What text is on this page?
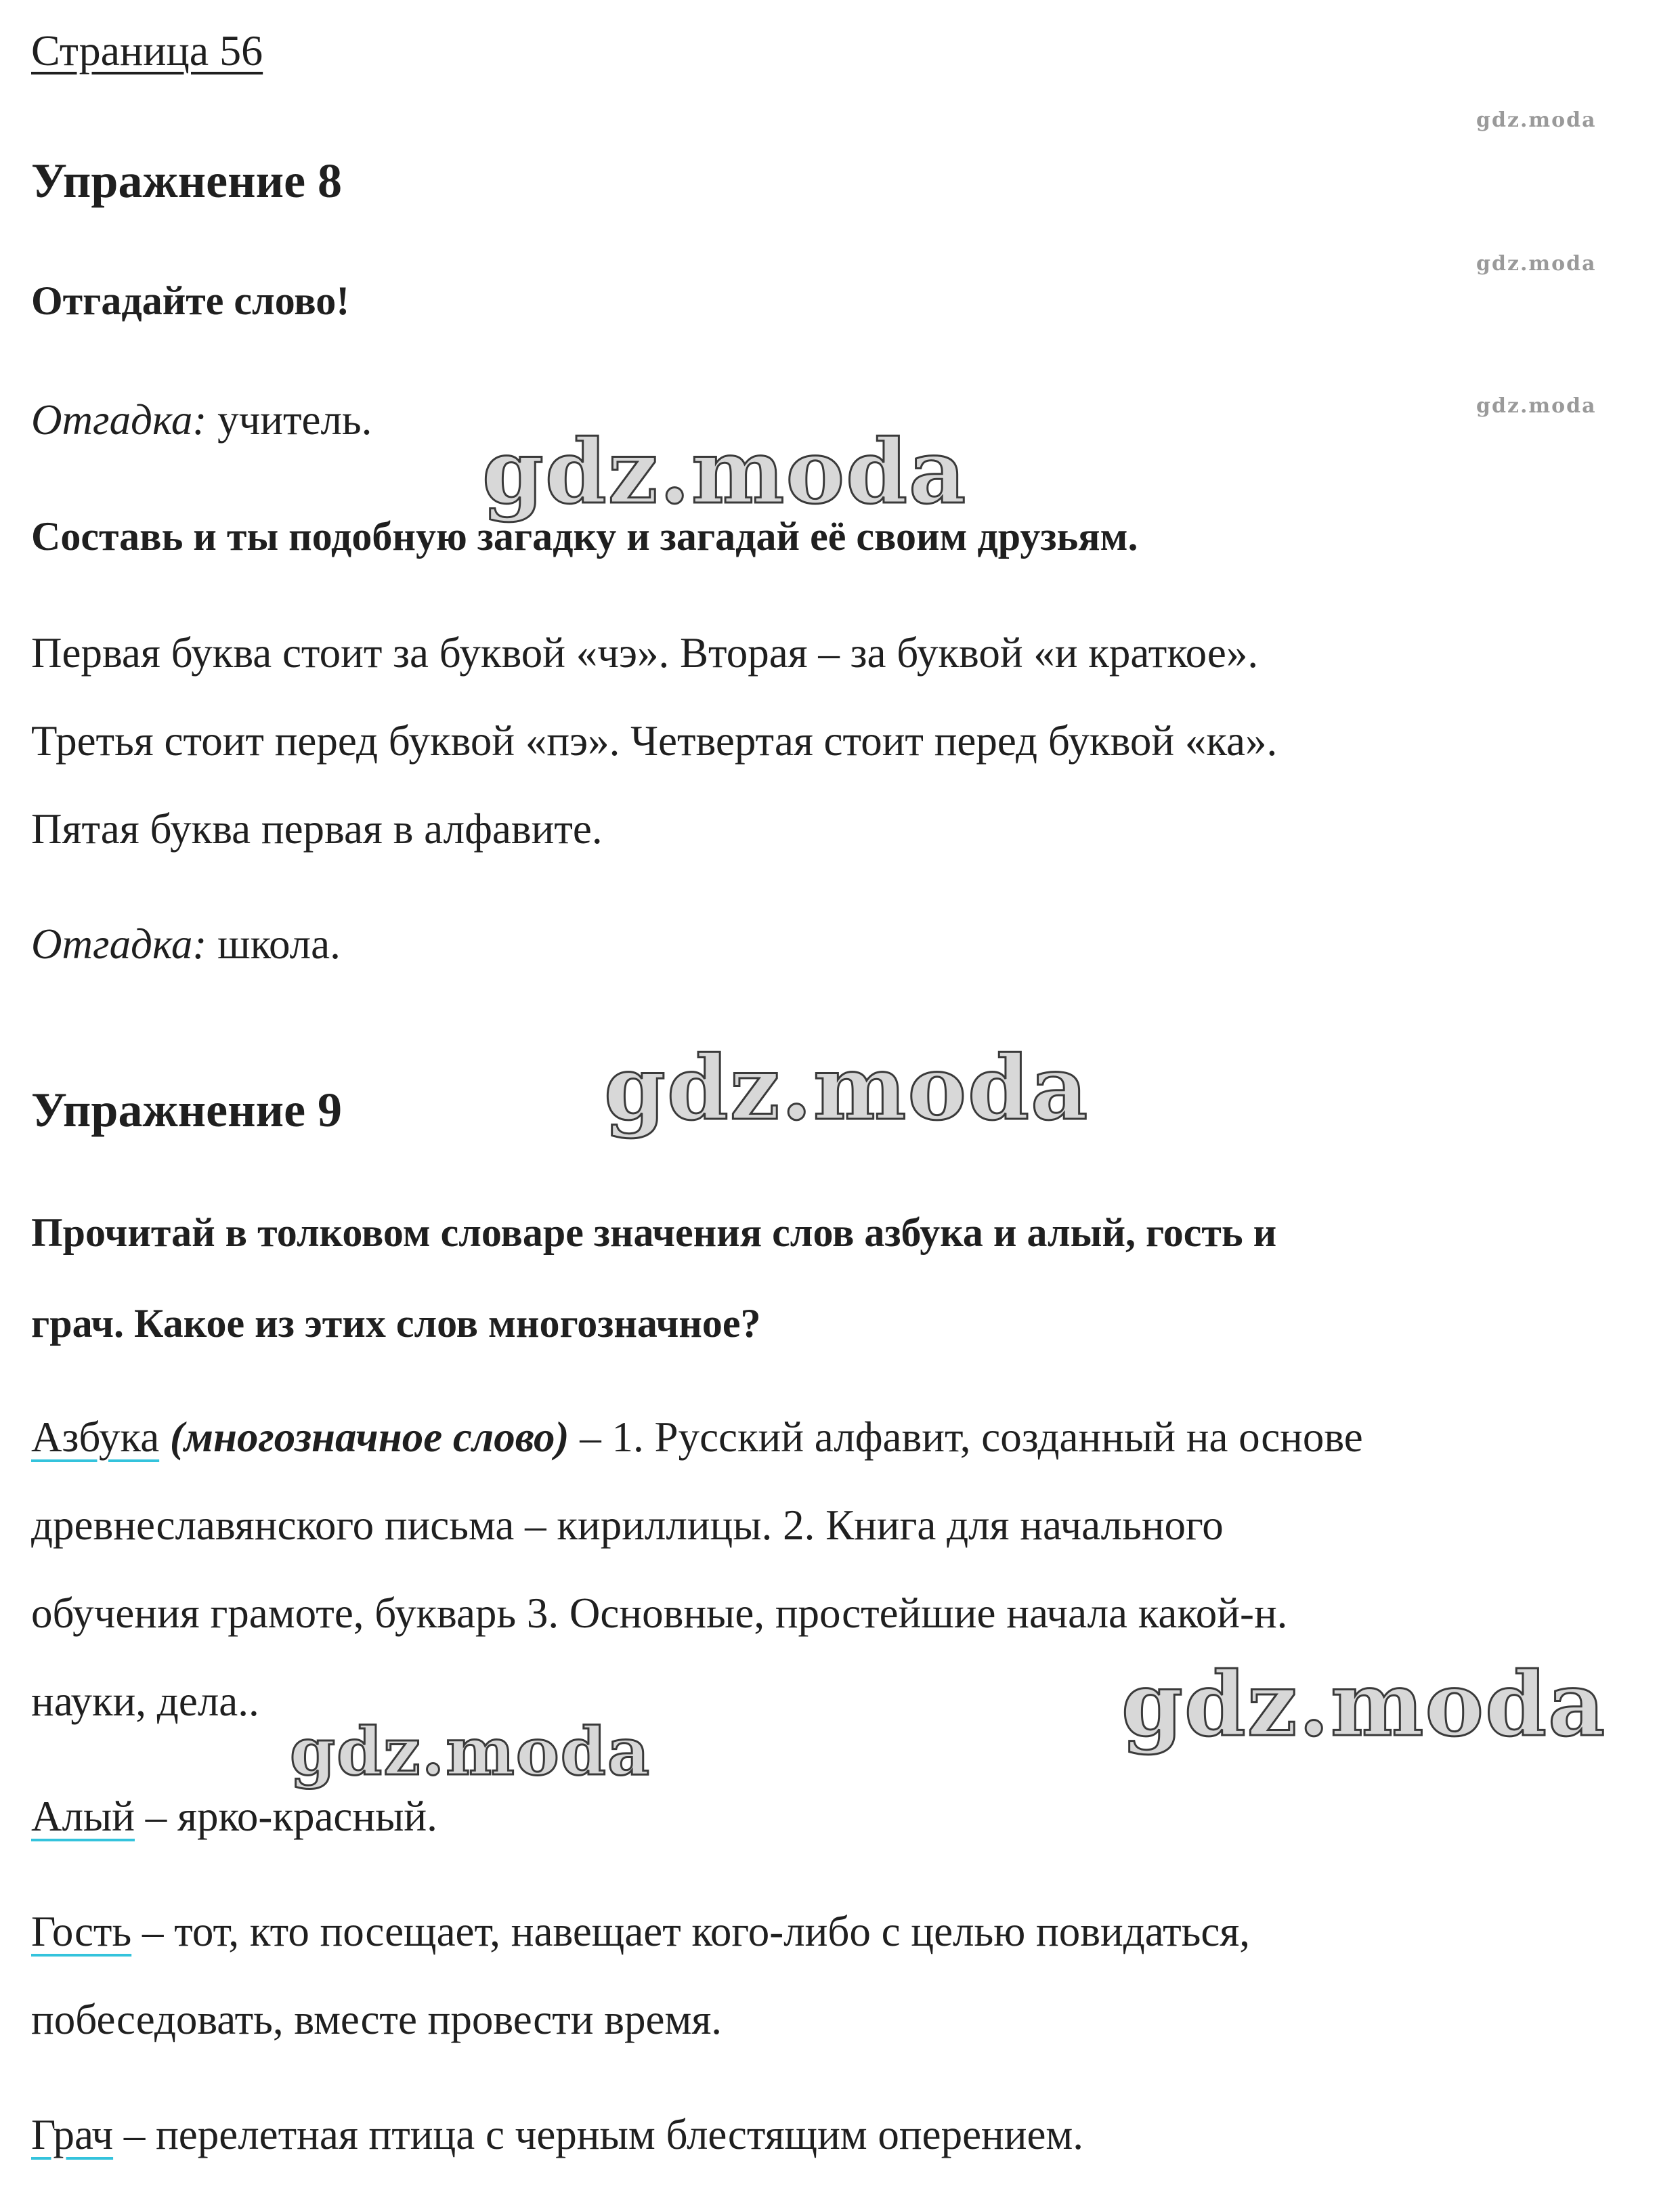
Страница 56
gdz.moda
gdz.moda
gdz.moda
Упражнение 8
Отгадайте слово!
Отгадка: учитель. gdz.moda
Составь и ты подобную загадку и загадай её своим друзьям.
Первая буква стоит за буквой «чэ». Вторая – за буквой «и краткое».
Третья стоит перед буквой «пэ». Четвертая стоит перед буквой «ка».
Пятая буква первая в алфавите.
Отгадка: школа.
Упражнение 9	gdz.moda
Прочитай в толковом словаре значения слов азбука и алый, гость и
грач. Какое из этих слов многозначное?
Азбука (многозначное слово) – 1. Русский алфавит, созданный на основе
древнеславянского письма – кириллицы. 2. Книга для начального
обучения грамоте, букварь 3. Основные, простейшие начала какой-н.
науки, дела..	gdz.moda
gdz.moda
Алый – ярко-красный.
Гость – тот, кто посещает, навещает кого-либо с целью повидаться,
побеседовать, вместе провести время.
Грач – перелетная птица с черным блестящим оперением.
